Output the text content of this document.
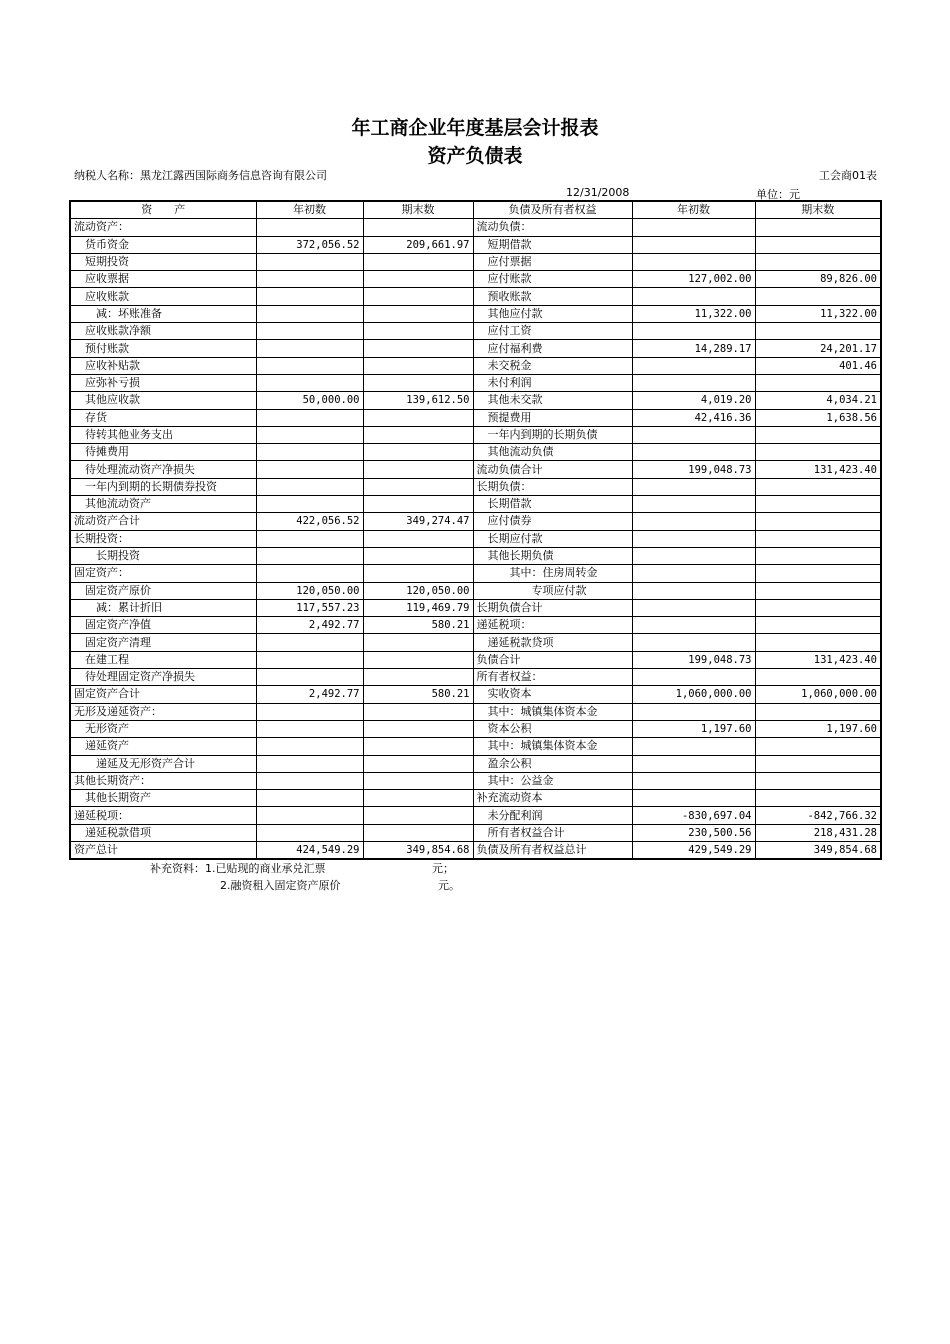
年工商企业年度基层会计报表
资产负债表
纳税人名称：黑龙江露西国际商务信息咨询有限公司	工会商01表
12/31/2008	单位：元
资　　产	年初数	期末数	负债及所有者权益	年初数	期末数
流动资产：			流动负债：		
　货币资金	372,056.52	209,661.97	　短期借款		
　短期投资			　应付票据		
　应收票据			　应付账款	127,002.00	89,826.00
　应收账款			　预收账款		
　　减：坏账准备			　其他应付款	11,322.00	11,322.00
　应收账款净额			　应付工资		
　预付账款			　应付福利费	14,289.17	24,201.17
　应收补贴款			　未交税金		401.46
　应弥补亏损			　未付利润		
　其他应收款	50,000.00	139,612.50	　其他未交款	4,019.20	4,034.21
　存货			　预提费用	42,416.36	1,638.56
　待转其他业务支出			　一年内到期的长期负债		
　待摊费用			　其他流动负债		
　待处理流动资产净损失			流动负债合计	199,048.73	131,423.40
　一年内到期的长期债券投资			长期负债：		
　其他流动资产			　长期借款		
流动资产合计	422,056.52	349,274.47	　应付债券		
长期投资：			　长期应付款		
　　长期投资			　其他长期负债		
固定资产：			　　　其中：住房周转金		
　固定资产原价	120,050.00	120,050.00	　　　　　专项应付款		
　　减：累计折旧	117,557.23	119,469.79	长期负债合计		
　固定资产净值	2,492.77	580.21	递延税项：		
　固定资产清理			　递延税款贷项		
　在建工程			负债合计	199,048.73	131,423.40
　待处理固定资产净损失			所有者权益：		
固定资产合计	2,492.77	580.21	　实收资本	1,060,000.00	1,060,000.00
无形及递延资产：			　其中：城镇集体资本金		
　无形资产			　资本公积	1,197.60	1,197.60
　递延资产			　其中：城镇集体资本金		
　　递延及无形资产合计			　盈余公积		
其他长期资产：			　其中：公益金		
　其他长期资产			补充流动资本		
递延税项：			　未分配利润	-830,697.04	-842,766.32
　递延税款借项			　所有者权益合计	230,500.56	218,431.28
资产总计	424,549.29	349,854.68	负债及所有者权益总计	429,549.29	349,854.68
补充资料：1.已贴现的商业承兑汇票	元；
2.融资租入固定资产原价	元。
